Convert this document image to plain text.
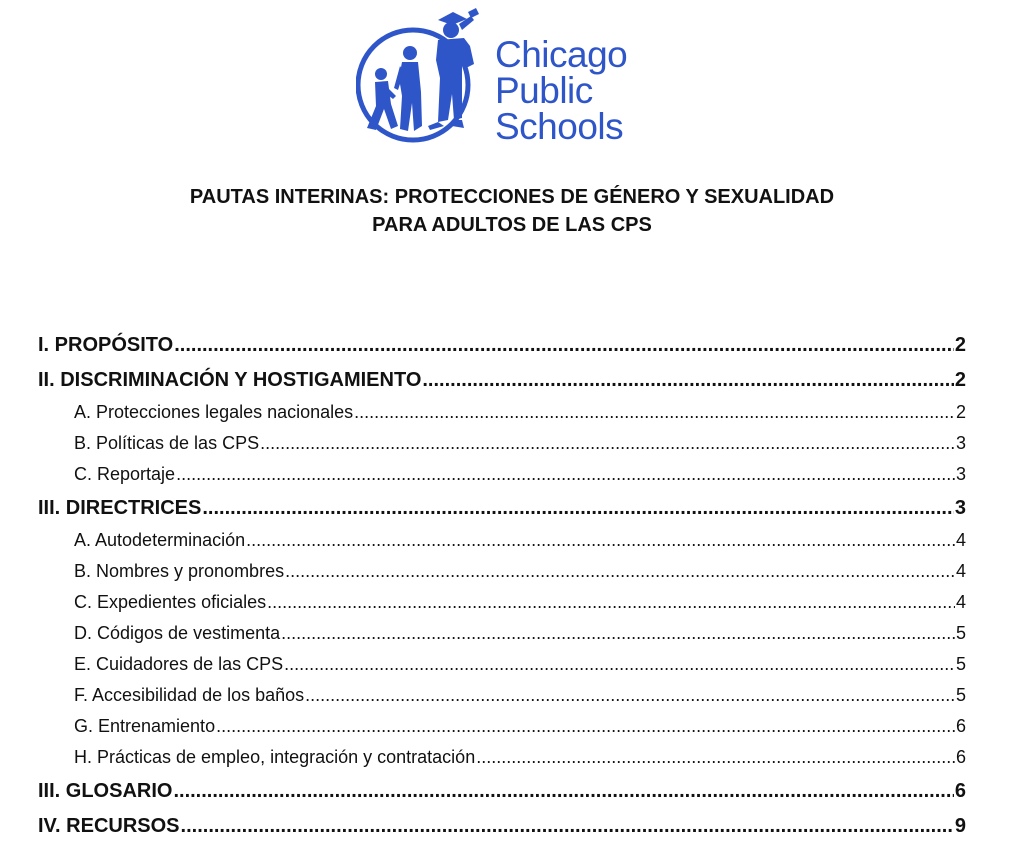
Chicago
Public
Schools
PAUTAS INTERINAS: PROTECCIONES DE GÉNERO Y SEXUALIDAD
PARA ADULTOS DE LAS CPS
I. PROPÓSITO .....	2
II. DISCRIMINACIÓN Y HOSTIGAMIENTO .....	2
A. Protecciones legales nacionales .....	2
B. Políticas de las CPS .....	3
C. Reportaje .....	3
III. DIRECTRICES .....	3
A. Autodeterminación .....	4
B. Nombres y pronombres .....	4
C. Expedientes oficiales .....	4
D. Códigos de vestimenta .....	5
E. Cuidadores de las CPS .....	5
F. Accesibilidad de los baños .....	5
G. Entrenamiento .....	6
H. Prácticas de empleo, integración y contratación .....	6
III. GLOSARIO .....	6
IV. RECURSOS .....	9
